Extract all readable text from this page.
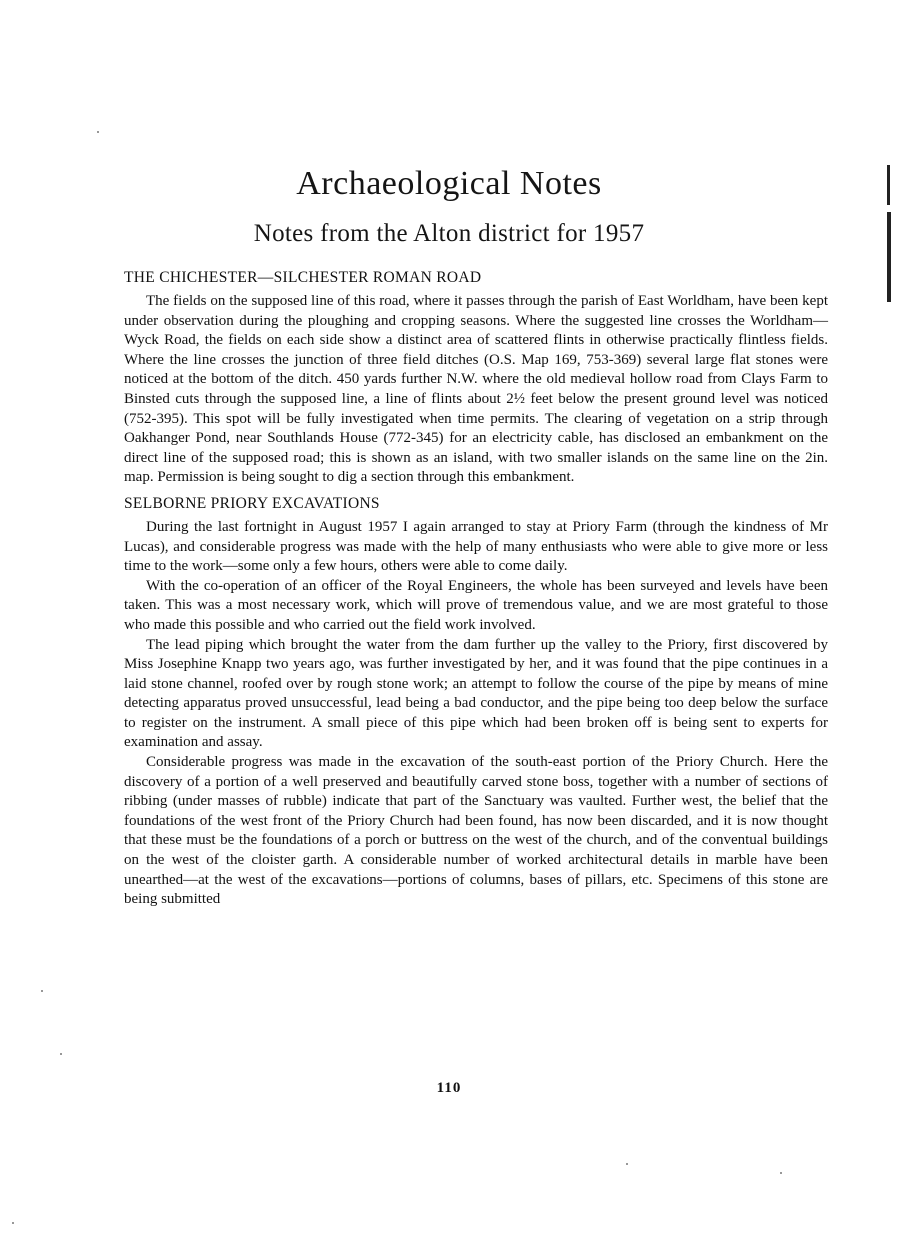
Archaeological Notes
Notes from the Alton district for 1957
THE CHICHESTER—SILCHESTER ROMAN ROAD

The fields on the supposed line of this road, where it passes through the parish of East Worldham, have been kept under observation during the ploughing and cropping seasons. Where the suggested line crosses the Worldham—Wyck Road, the fields on each side show a distinct area of scattered flints in otherwise practically flintless fields. Where the line crosses the junction of three field ditches (O.S. Map 169, 753-369) several large flat stones were noticed at the bottom of the ditch. 450 yards further N.W. where the old medieval hollow road from Clays Farm to Binsted cuts through the supposed line, a line of flints about 2½ feet below the present ground level was noticed (752-395). This spot will be fully investigated when time permits. The clearing of vegetation on a strip through Oakhanger Pond, near Southlands House (772-345) for an electricity cable, has disclosed an embankment on the direct line of the supposed road; this is shown as an island, with two smaller islands on the same line on the 2in. map. Permission is being sought to dig a section through this embankment.

SELBORNE PRIORY EXCAVATIONS

During the last fortnight in August 1957 I again arranged to stay at Priory Farm (through the kindness of Mr Lucas), and considerable progress was made with the help of many enthusiasts who were able to give more or less time to the work—some only a few hours, others were able to come daily.

With the co-operation of an officer of the Royal Engineers, the whole has been surveyed and levels have been taken. This was a most necessary work, which will prove of tremendous value, and we are most grateful to those who made this possible and who carried out the field work involved.

The lead piping which brought the water from the dam further up the valley to the Priory, first discovered by Miss Josephine Knapp two years ago, was further investigated by her, and it was found that the pipe continues in a laid stone channel, roofed over by rough stone work; an attempt to follow the course of the pipe by means of mine detecting apparatus proved unsuccessful, lead being a bad conductor, and the pipe being too deep below the surface to register on the instrument. A small piece of this pipe which had been broken off is being sent to experts for examination and assay.

Considerable progress was made in the excavation of the south-east portion of the Priory Church. Here the discovery of a portion of a well preserved and beautifully carved stone boss, together with a number of sections of ribbing (under masses of rubble) indicate that part of the Sanctuary was vaulted. Further west, the belief that the foundations of the west front of the Priory Church had been found, has now been discarded, and it is now thought that these must be the foundations of a porch or buttress on the west of the church, and of the conventual buildings on the west of the cloister garth. A considerable number of worked architectural details in marble have been unearthed—at the west of the excavations—portions of columns, bases of pillars, etc. Specimens of this stone are being submitted

110
